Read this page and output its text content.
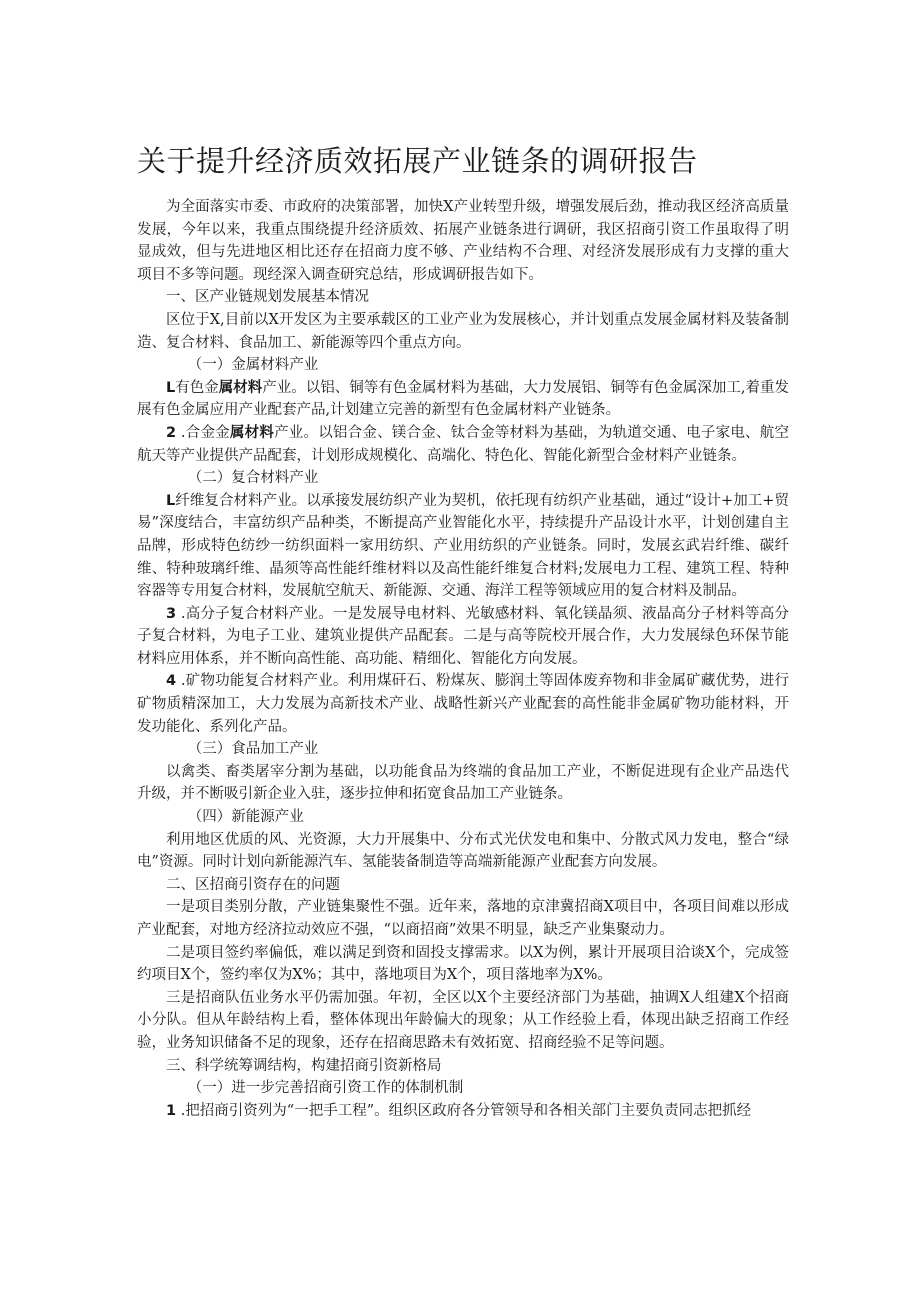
关于提升经济质效拓展产业链条的调研报告

为全面落实市委、市政府的决策部署，加快X产业转型升级，增强发展后劲，推动我区经济高质量发展，今年以来，我重点围绕提升经济质效、拓展产业链条进行调研，我区招商引资工作虽取得了明显成效，但与先进地区相比还存在招商力度不够、产业结构不合理、对经济发展形成有力支撑的重大项目不多等问题。现经深入调查研究总结，形成调研报告如下。

一、区产业链规划发展基本情况

区位于X,目前以X开发区为主要承载区的工业产业为发展核心，并计划重点发展金属材料及装备制造、复合材料、食品加工、新能源等四个重点方向。

（一）金属材料产业

L有色金属材料产业。以铝、铜等有色金属材料为基础，大力发展铝、铜等有色金属深加工,着重发展有色金属应用产业配套产品,计划建立完善的新型有色金属材料产业链条。

2 .合金金属材料产业。以铝合金、镁合金、钛合金等材料为基础，为轨道交通、电子家电、航空航天等产业提供产品配套，计划形成规模化、高端化、特色化、智能化新型合金材料产业链条。

（二）复合材料产业

L纤维复合材料产业。以承接发展纺织产业为契机，依托现有纺织产业基础，通过“设计+加工+贸易”深度结合，丰富纺织产品种类，不断提高产业智能化水平，持续提升产品设计水平，计划创建自主品牌，形成特色纺纱一纺织面料一家用纺织、产业用纺织的产业链条。同时，发展玄武岩纤维、碳纤维、特种玻璃纤维、晶须等高性能纤维材料以及高性能纤维复合材料;发展电力工程、建筑工程、特种容器等专用复合材料，发展航空航天、新能源、交通、海洋工程等领域应用的复合材料及制品。

3 .高分子复合材料产业。一是发展导电材料、光敏感材料、氧化镁晶须、液晶高分子材料等高分子复合材料，为电子工业、建筑业提供产品配套。二是与高等院校开展合作，大力发展绿色环保节能材料应用体系，并不断向高性能、高功能、精细化、智能化方向发展。

4 .矿物功能复合材料产业。利用煤矸石、粉煤灰、膨润土等固体废弃物和非金属矿藏优势，进行矿物质精深加工，大力发展为高新技术产业、战略性新兴产业配套的高性能非金属矿物功能材料，开发功能化、系列化产品。

（三）食品加工产业

以禽类、畜类屠宰分割为基础，以功能食品为终端的食品加工产业，不断促进现有企业产品迭代升级，并不断吸引新企业入驻，逐步拉伸和拓宽食品加工产业链条。

（四）新能源产业

利用地区优质的风、光资源，大力开展集中、分布式光伏发电和集中、分散式风力发电，整合“绿电”资源。同时计划向新能源汽车、氢能装备制造等高端新能源产业配套方向发展。

二、区招商引资存在的问题

一是项目类别分散，产业链集聚性不强。近年来，落地的京津冀招商X项目中，各项目间难以形成产业配套，对地方经济拉动效应不强，“以商招商”效果不明显，缺乏产业集聚动力。

二是项目签约率偏低，难以满足到资和固投支撑需求。以X为例，累计开展项目洽谈X个，完成签约项目X个，签约率仅为X%；其中，落地项目为X个，项目落地率为X%。

三是招商队伍业务水平仍需加强。年初，全区以X个主要经济部门为基础，抽调X人组建X个招商小分队。但从年龄结构上看，整体体现出年龄偏大的现象；从工作经验上看，体现出缺乏招商工作经验，业务知识储备不足的现象，还存在招商思路未有效拓宽、招商经验不足等问题。

三、科学统筹调结构，构建招商引资新格局

（一）进一步完善招商引资工作的体制机制

1 .把招商引资列为“一把手工程”。组织区政府各分管领导和各相关部门主要负责同志把抓经
